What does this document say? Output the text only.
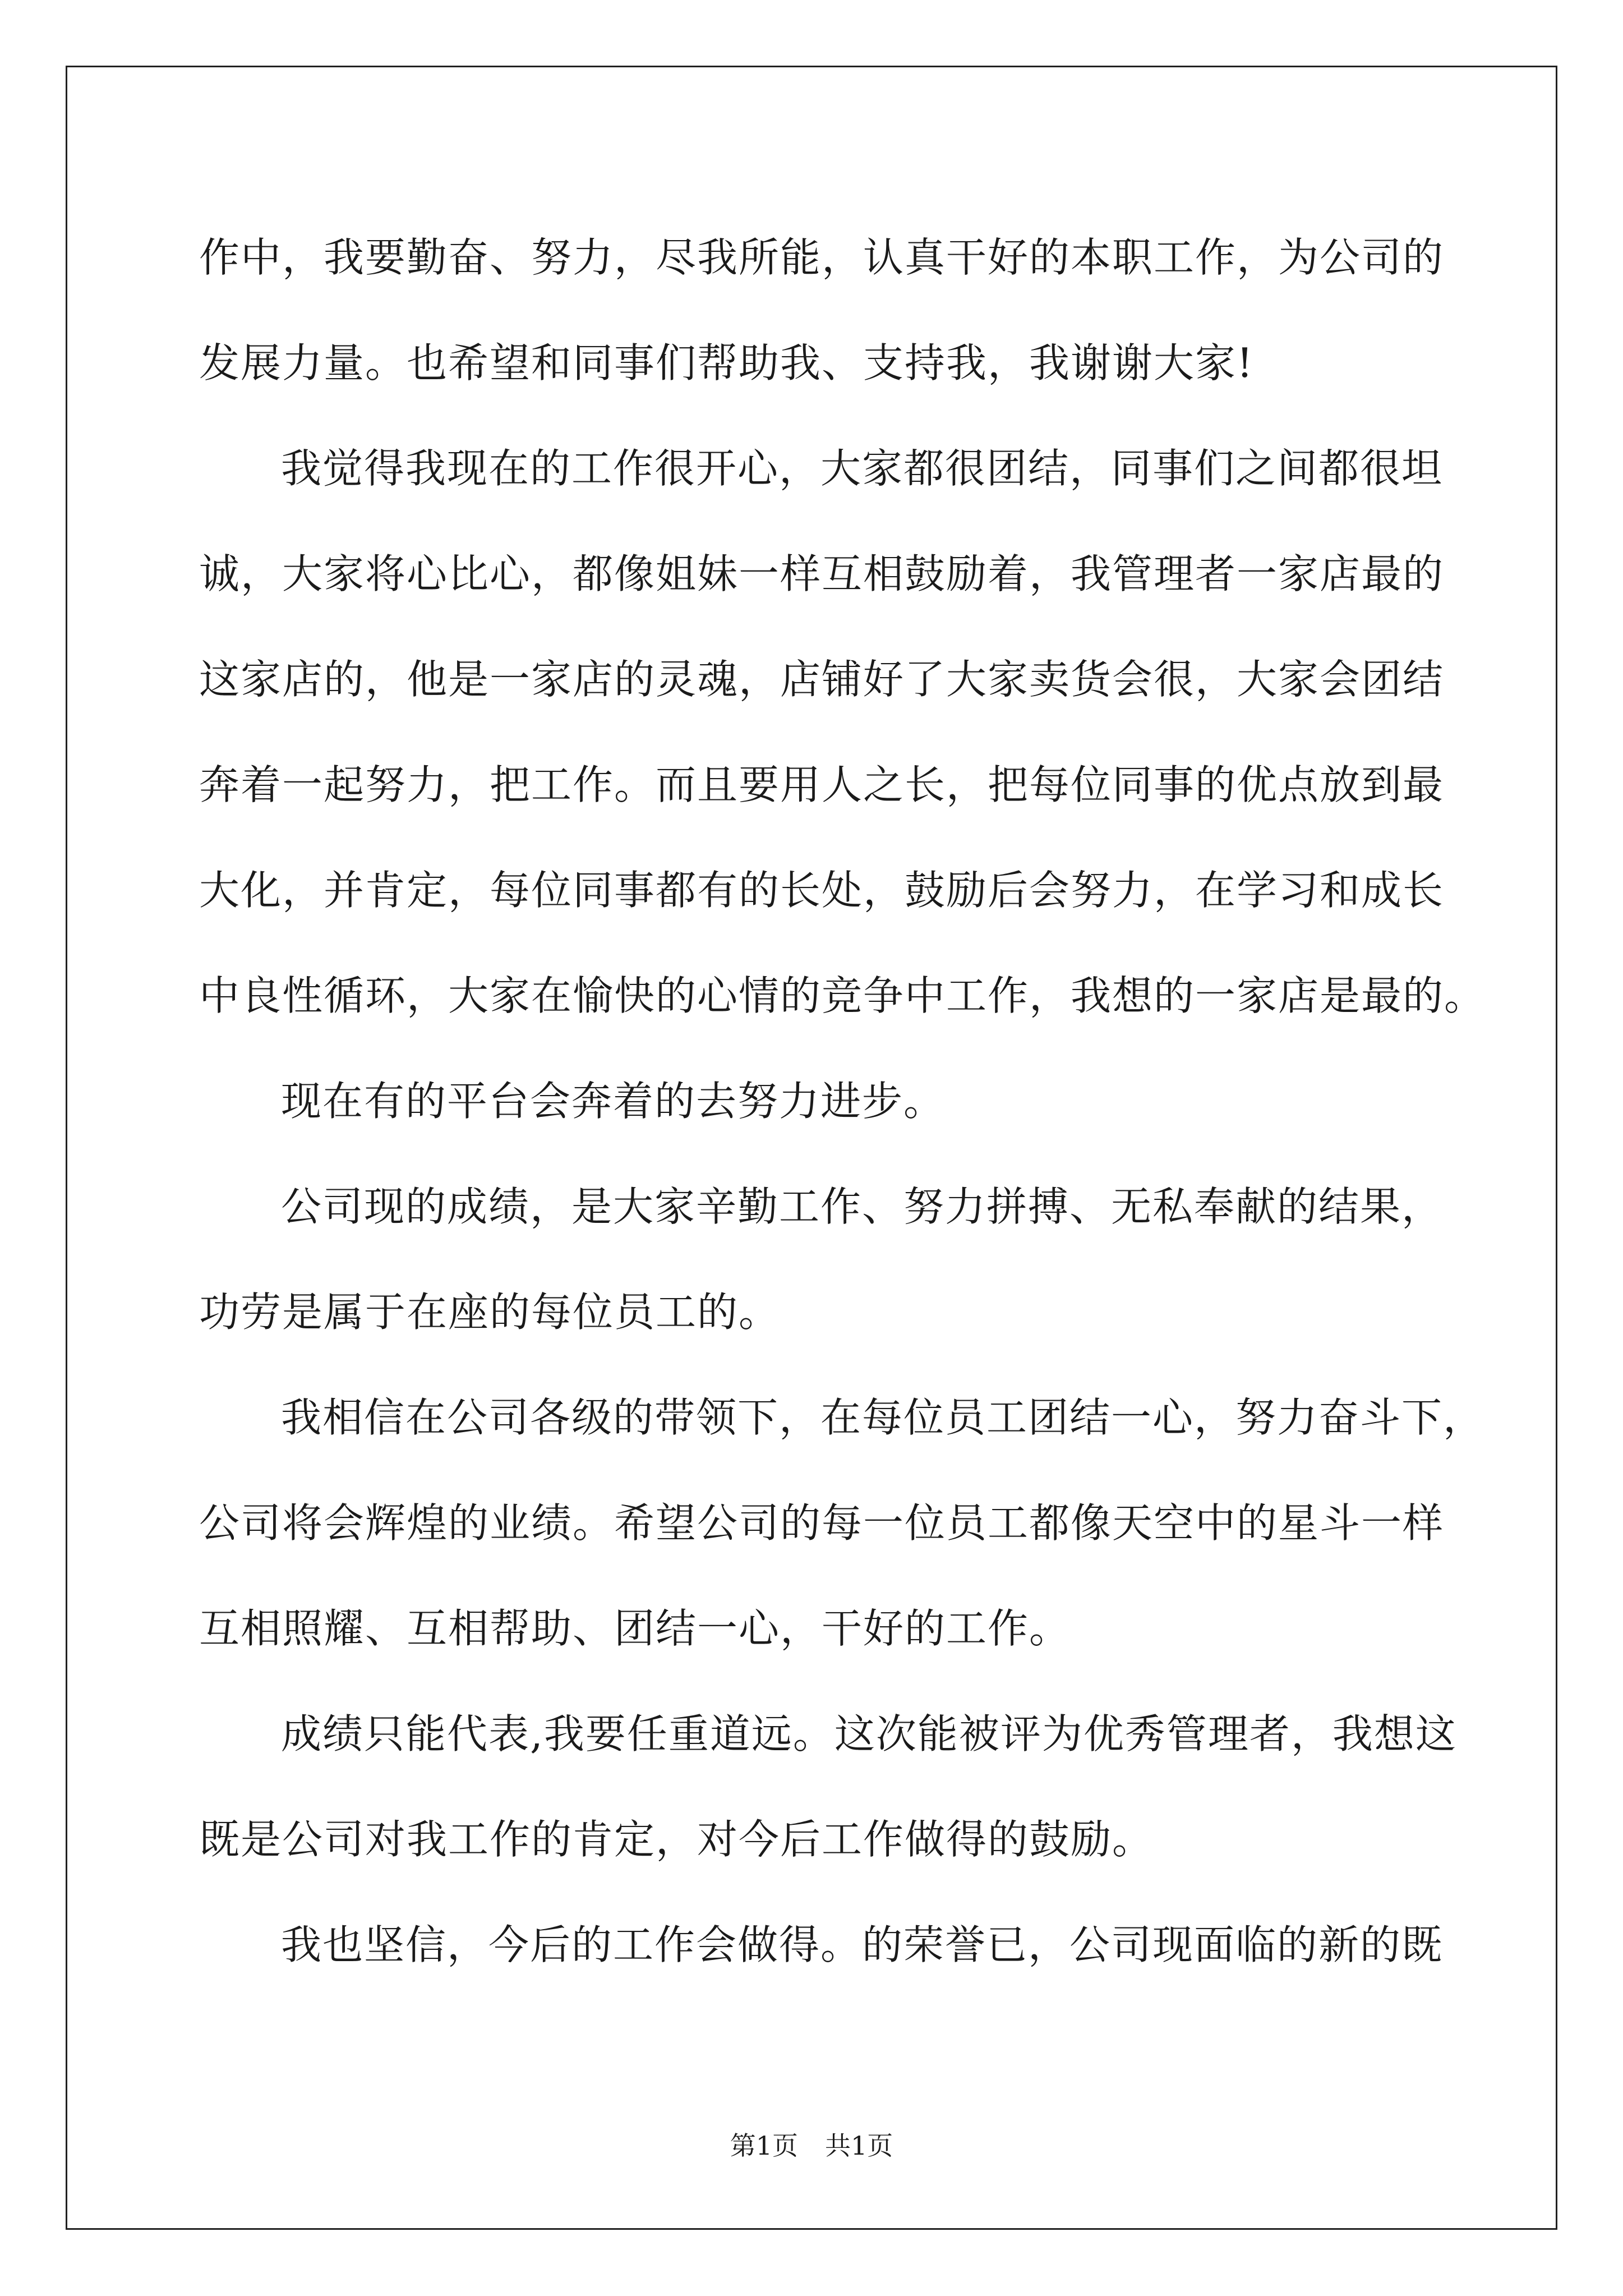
作中，我要勤奋、努力，尽我所能，认真干好的本职工作，为公司的
发展力量。也希望和同事们帮助我、支持我，我谢谢大家!
我觉得我现在的工作很开心，大家都很团结，同事们之间都很坦
诚，大家将心比心，都像姐妹一样互相鼓励着，我管理者一家店最的
这家店的，他是一家店的灵魂，店铺好了大家卖货会很，大家会团结
奔着一起努力，把工作。而且要用人之长，把每位同事的优点放到最
大化，并肯定，每位同事都有的长处，鼓励后会努力，在学习和成长
中良性循环，大家在愉快的心情的竞争中工作，我想的一家店是最的。
现在有的平台会奔着的去努力进步。
公司现的成绩，是大家辛勤工作、努力拼搏、无私奉献的结果，
功劳是属于在座的每位员工的。
我相信在公司各级的带领下，在每位员工团结一心，努力奋斗下，
公司将会辉煌的业绩。希望公司的每一位员工都像天空中的星斗一样
互相照耀、互相帮助、团结一心，干好的工作。
成绩只能代表,我要任重道远。这次能被评为优秀管理者，我想这
既是公司对我工作的肯定，对今后工作做得的鼓励。
我也坚信，今后的工作会做得。的荣誉已，公司现面临的新的既
第1页 共1页
